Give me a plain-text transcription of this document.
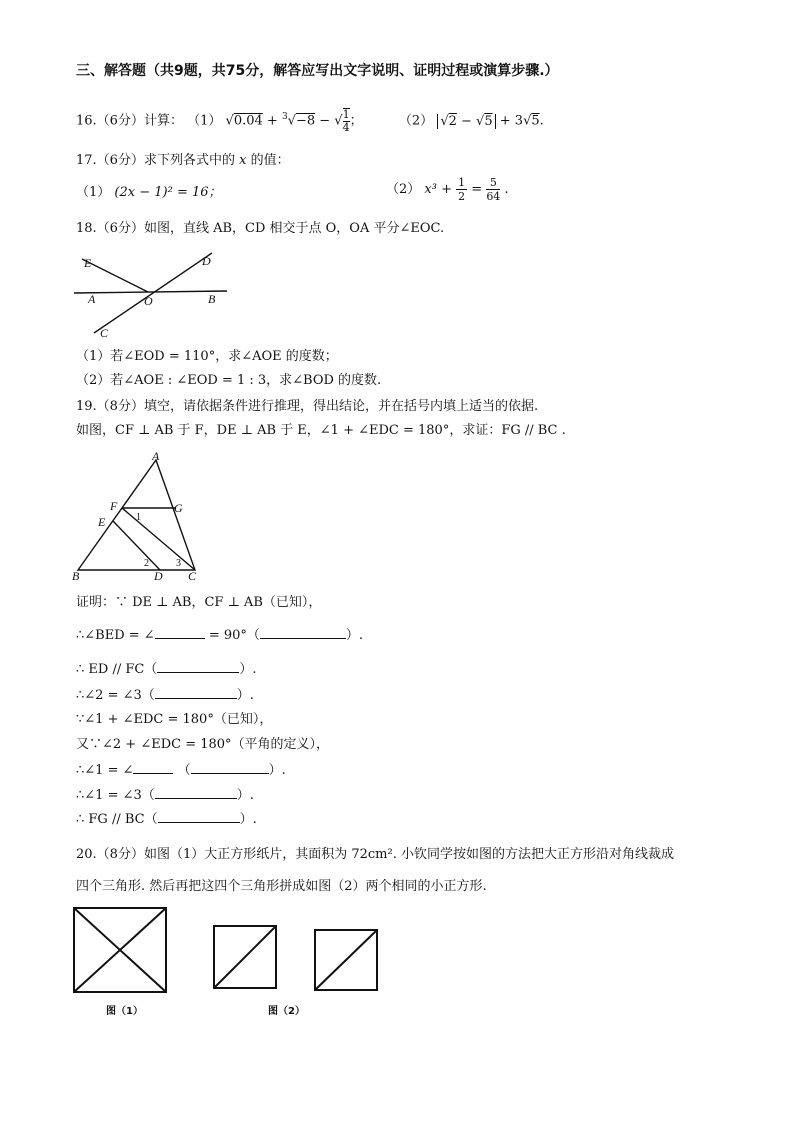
三、解答题（共9题，共75分，解答应写出文字说明、证明过程或演算步骤.）
16.（6分）计算： （1） √0.04 + $^3$√−8 − √ $\frac{1}{4}$ ；	（2） √2 − √5 + 3√5.
17.（6分）求下列各式中的 x 的值：
（1） (2x − 1)² = 16；	（2） $x^3 + \frac{1}{2} = \frac{5}{64}$ .
18.（6分）如图，直线 AB，CD 相交于点 O，OA 平分∠EOC.
E	D
A	O	B
C
（1）若∠EOD = 110°，求∠AOE 的度数；
（2）若∠AOE : ∠EOD = 1 : 3，求∠BOD 的度数.
19.（8分）填空，请依据条件进行推理，得出结论，并在括号内填上适当的依据.
如图，CF ⊥ AB 于 F，DE ⊥ AB 于 E，∠1 + ∠EDC = 180°，求证：FG // BC .
A
F	G
E
B	D C
1
2	3
证明：∵ DE ⊥ AB，CF ⊥ AB（已知），
∴∠BED = ∠	= 90°（	）.
∴ ED // FC（	）.
∴∠2 = ∠3（	）.
∵∠1 + ∠EDC = 180°（已知），
又∵∠2 + ∠EDC = 180°（平角的定义），
∴∠1 = ∠	（	）.
∴∠1 = ∠3（	）.
∴ FG // BC（	）.
20.（8分）如图（1）大正方形纸片，其面积为 72cm². 小钦同学按如图的方法把大正方形沿对角线裁成
四个三角形. 然后再把这四个三角形拼成如图（2）两个相同的小正方形.
图（1）	图（2）
